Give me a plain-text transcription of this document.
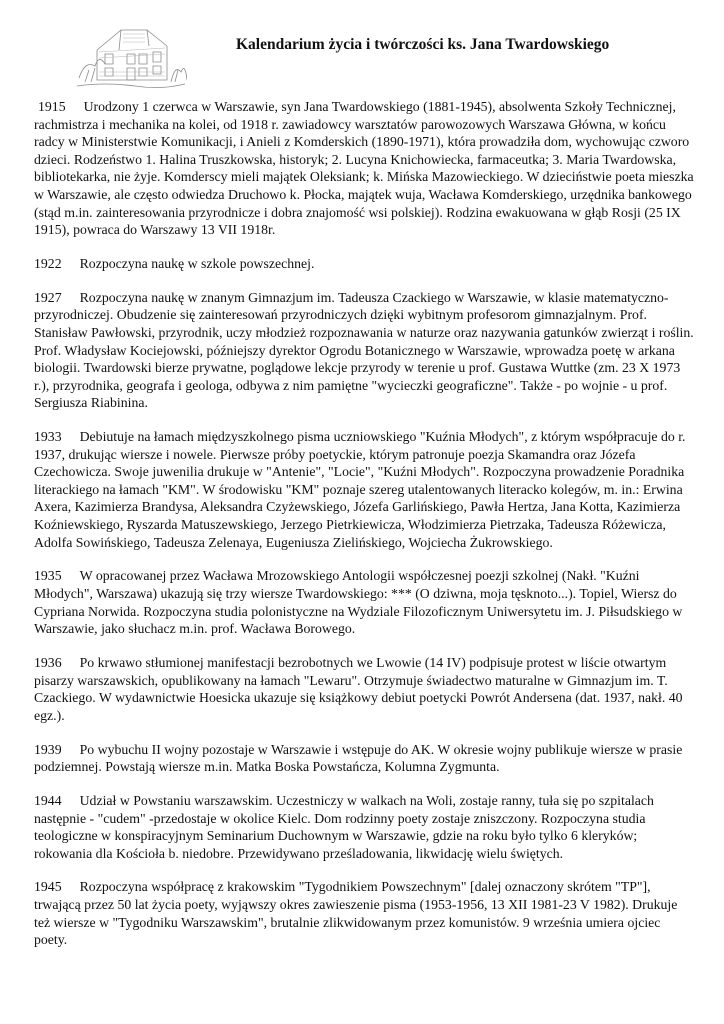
Kalendarium życia i twórczości ks. Jana Twardowskiego

1915 Urodzony 1 czerwca w Warszawie, syn Jana Twardowskiego (1881-1945), absolwenta Szkoły Technicznej, rachmistrza i mechanika na kolei, od 1918 r. zawiadowcy warsztatów parowozowych Warszawa Główna, w końcu radcy w Ministerstwie Komunikacji, i Anieli z Komderskich (1890-1971), która prowadziła dom, wychowując czworo dzieci. Rodzeństwo 1. Halina Truszkowska, historyk; 2. Lucyna Knichowiecka, farmaceutka; 3. Maria Twardowska, bibliotekarka, nie żyje. Komderscy mieli majątek Oleksiank; k. Mińska Mazowieckiego. W dzieciństwie poeta mieszka w Warszawie, ale często odwiedza Druchowo k. Płocka, majątek wuja, Wacława Komderskiego, urzędnika bankowego (stąd m.in. zainteresowania przyrodnicze i dobra znajomość wsi polskiej). Rodzina ewakuowana w głąb Rosji (25 IX 1915), powraca do Warszawy 13 VII 1918r.

1922 Rozpoczyna naukę w szkole powszechnej.

1927 Rozpoczyna naukę w znanym Gimnazjum im. Tadeusza Czackiego w Warszawie, w klasie matematyczno-przyrodniczej. Obudzenie się zainteresowań przyrodniczych dzięki wybitnym profesorom gimnazjalnym. Prof. Stanisław Pawłowski, przyrodnik, uczy młodzież rozpoznawania w naturze oraz nazywania gatunków zwierząt i roślin. Prof. Władysław Kociejowski, późniejszy dyrektor Ogrodu Botanicznego w Warszawie, wprowadza poetę w arkana biologii. Twardowski bierze prywatne, poglądowe lekcje przyrody w terenie u prof. Gustawa Wuttke (zm. 23 X 1973 r.), przyrodnika, geografa i geologa, odbywa z nim pamiętne "wycieczki geograficzne". Także - po wojnie - u prof. Sergiusza Riabinina.

1933 Debiutuje na łamach międzyszkolnego pisma uczniowskiego "Kuźnia Młodych", z którym współpracuje do r. 1937, drukując wiersze i nowele. Pierwsze próby poetyckie, którym patronuje poezja Skamandra oraz Józefa Czechowicza. Swoje juwenilia drukuje w "Antenie", "Locie", "Kuźni Młodych". Rozpoczyna prowadzenie Poradnika literackiego na łamach "KM". W środowisku "KM" poznaje szereg utalentowanych literacko kolegów, m. in.: Erwina Axera, Kazimierza Brandysa, Aleksandra Czyżewskiego, Józefa Garlińskiego, Pawła Hertza, Jana Kotta, Kazimierza Koźniewskiego, Ryszarda Matuszewskiego, Jerzego Pietrkiewicza, Włodzimierza Pietrzaka, Tadeusza Różewicza, Adolfa Sowińskiego, Tadeusza Zelenaya, Eugeniusza Zielińskiego, Wojciecha Żukrowskiego.

1935 W opracowanej przez Wacława Mrozowskiego Antologii współczesnej poezji szkolnej (Nakł. "Kuźni Młodych", Warszawa) ukazują się trzy wiersze Twardowskiego: *** (O dziwna, moja tęsknoto...). Topiel, Wiersz do Cypriana Norwida. Rozpoczyna studia polonistyczne na Wydziale Filozoficznym Uniwersytetu im. J. Piłsudskiego w Warszawie, jako słuchacz m.in. prof. Wacława Borowego.

1936 Po krwawo stłumionej manifestacji bezrobotnych we Lwowie (14 IV) podpisuje protest w liście otwartym pisarzy warszawskich, opublikowany na łamach "Lewaru". Otrzymuje świadectwo maturalne w Gimnazjum im. T. Czackiego. W wydawnictwie Hoesicka ukazuje się książkowy debiut poetycki Powrót Andersena (dat. 1937, nakł. 40 egz.).

1939 Po wybuchu II wojny pozostaje w Warszawie i wstępuje do AK. W okresie wojny publikuje wiersze w prasie podziemnej. Powstają wiersze m.in. Matka Boska Powstańcza, Kolumna Zygmunta.

1944 Udział w Powstaniu warszawskim. Uczestniczy w walkach na Woli, zostaje ranny, tuła się po szpitalach następnie - "cudem" -przedostaje w okolice Kielc. Dom rodzinny poety zostaje zniszczony. Rozpoczyna studia teologiczne w konspiracyjnym Seminarium Duchownym w Warszawie, gdzie na roku było tylko 6 kleryków; rokowania dla Kościoła b. niedobre. Przewidywano prześladowania, likwidację wielu świętych.

1945 Rozpoczyna współpracę z krakowskim "Tygodnikiem Powszechnym" [dalej oznaczony skrótem "TP"], trwającą przez 50 lat życia poety, wyjąwszy okres zawieszenie pisma (1953-1956, 13 XII 1981-23 V 1982). Drukuje też wiersze w "Tygodniku Warszawskim", brutalnie zlikwidowanym przez komunistów. 9 września umiera ojciec poety.
